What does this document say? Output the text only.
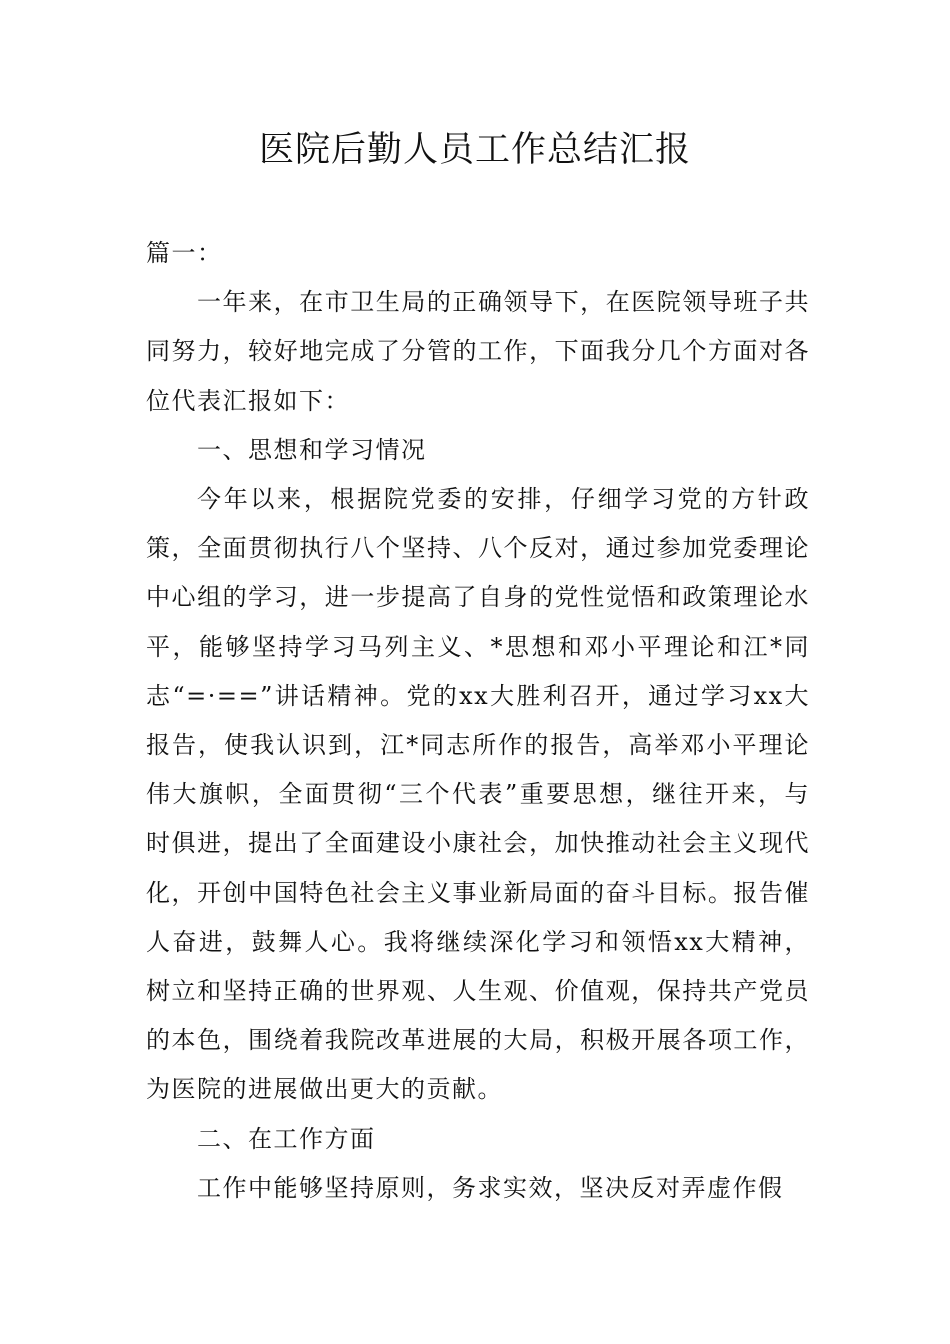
医院后勤人员工作总结汇报

篇一：

一年来，在市卫生局的正确领导下，在医院领导班子共同努力，较好地完成了分管的工作，下面我分几个方面对各位代表汇报如下：

一、思想和学习情况

今年以来，根据院党委的安排，仔细学习党的方针政策，全面贯彻执行八个坚持、八个反对，通过参加党委理论中心组的学习，进一步提高了自身的党性觉悟和政策理论水平，能够坚持学习马列主义、*思想和邓小平理论和江*同志“=·==”讲话精神。党的xx大胜利召开，通过学习xx大报告，使我认识到，江*同志所作的报告，高举邓小平理论伟大旗帜，全面贯彻“三个代表”重要思想，继往开来，与时俱进，提出了全面建设小康社会，加快推动社会主义现代化，开创中国特色社会主义事业新局面的奋斗目标。报告催人奋进，鼓舞人心。我将继续深化学习和领悟xx大精神，树立和坚持正确的世界观、人生观、价值观，保持共产党员的本色，围绕着我院改革进展的大局，积极开展各项工作，为医院的进展做出更大的贡献。

二、在工作方面

工作中能够坚持原则，务求实效，坚决反对弄虚作假
